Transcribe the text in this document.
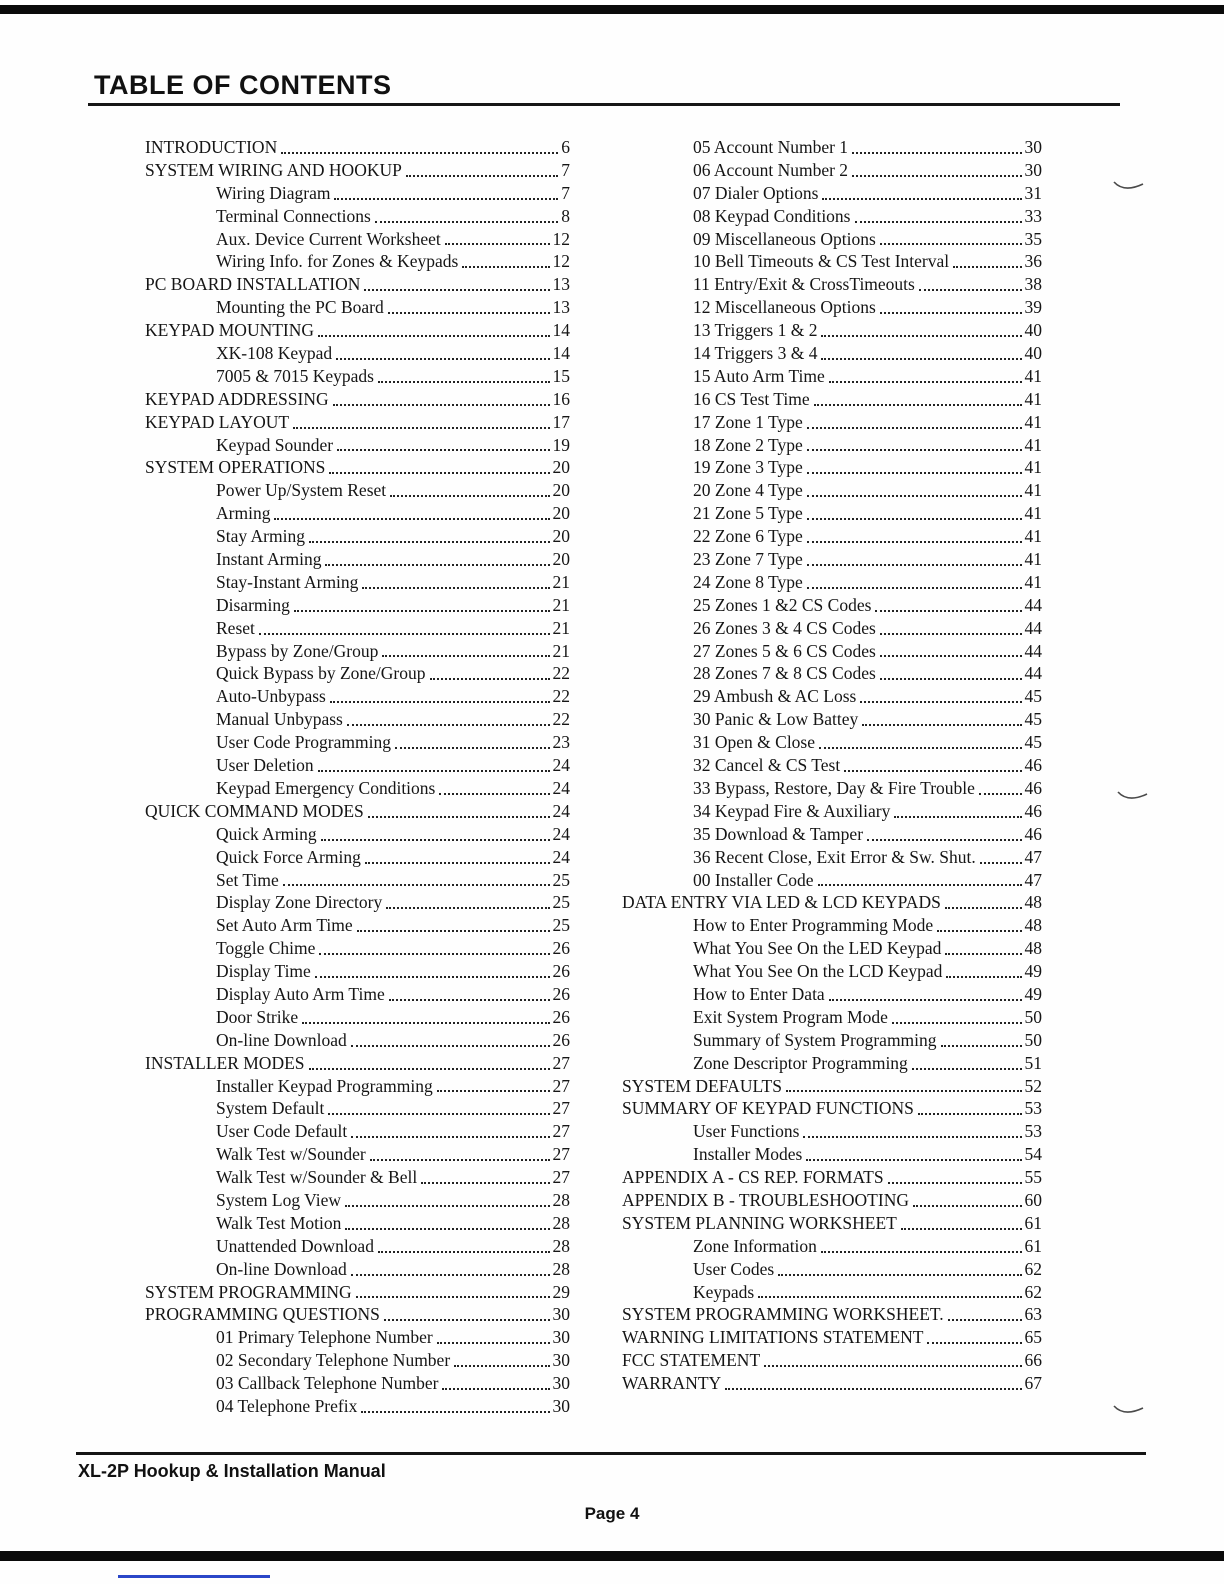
TABLE OF CONTENTS
INTRODUCTION	6
SYSTEM WIRING AND HOOKUP	7
Wiring Diagram	7
Terminal Connections	8
Aux. Device Current Worksheet	12
Wiring Info. for Zones & Keypads	12
PC BOARD INSTALLATION	13
Mounting the PC Board	13
KEYPAD MOUNTING	14
XK-108 Keypad	14
7005 & 7015 Keypads	15
KEYPAD ADDRESSING	16
KEYPAD LAYOUT	17
Keypad Sounder	19
SYSTEM OPERATIONS	20
Power Up/System Reset	20
Arming	20
Stay Arming	20
Instant Arming	20
Stay-Instant Arming	21
Disarming	21
Reset	21
Bypass by Zone/Group	21
Quick Bypass by Zone/Group	22
Auto-Unbypass	22
Manual Unbypass	22
User Code Programming	23
User Deletion	24
Keypad Emergency Conditions	24
QUICK COMMAND MODES	24
Quick Arming	24
Quick Force Arming	24
Set Time	25
Display Zone Directory	25
Set Auto Arm Time	25
Toggle Chime	26
Display Time	26
Display Auto Arm Time	26
Door Strike	26
On-line Download	26
INSTALLER MODES	27
Installer Keypad Programming	27
System Default	27
User Code Default	27
Walk Test w/Sounder	27
Walk Test w/Sounder & Bell	27
System Log View	28
Walk Test Motion	28
Unattended Download	28
On-line Download	28
SYSTEM PROGRAMMING	29
PROGRAMMING QUESTIONS	30
01 Primary Telephone Number	30
02 Secondary Telephone Number	30
03 Callback Telephone Number	30
04 Telephone Prefix	30
05 Account Number 1	30
06 Account Number 2	30
07 Dialer Options	31
08 Keypad Conditions	33
09 Miscellaneous Options	35
10 Bell Timeouts & CS Test Interval	36
11 Entry/Exit & CrossTimeouts	38
12 Miscellaneous Options	39
13 Triggers 1 & 2	40
14 Triggers 3 & 4	40
15 Auto Arm Time	41
16 CS Test Time	41
17 Zone 1 Type	41
18 Zone 2 Type	41
19 Zone 3 Type	41
20 Zone 4 Type	41
21 Zone 5 Type	41
22 Zone 6 Type	41
23 Zone 7 Type	41
24 Zone 8 Type	41
25 Zones 1 &2 CS Codes	44
26 Zones 3 & 4 CS Codes	44
27 Zones 5 & 6 CS Codes	44
28 Zones 7 & 8 CS Codes	44
29 Ambush & AC Loss	45
30 Panic & Low Battey	45
31 Open & Close	45
32 Cancel & CS Test	46
33 Bypass, Restore, Day & Fire Trouble	46
34 Keypad Fire & Auxiliary	46
35 Download & Tamper	46
36 Recent Close, Exit Error & Sw. Shut.	47
00 Installer Code	47
DATA ENTRY VIA LED & LCD KEYPADS	48
How to Enter Programming Mode	48
What You See On the LED Keypad	48
What You See On the LCD Keypad	49
How to Enter Data	49
Exit System Program Mode	50
Summary of System Programming	50
Zone Descriptor Programming	51
SYSTEM DEFAULTS	52
SUMMARY OF KEYPAD FUNCTIONS	53
User Functions	53
Installer Modes	54
APPENDIX A - CS REP. FORMATS	55
APPENDIX B - TROUBLESHOOTING	60
SYSTEM PLANNING WORKSHEET	61
Zone Information	61
User Codes	62
Keypads	62
SYSTEM PROGRAMMING WORKSHEET.	63
WARNING LIMITATIONS STATEMENT	65
FCC STATEMENT	66
WARRANTY	67
XL-2P Hookup & Installation Manual
Page 4
